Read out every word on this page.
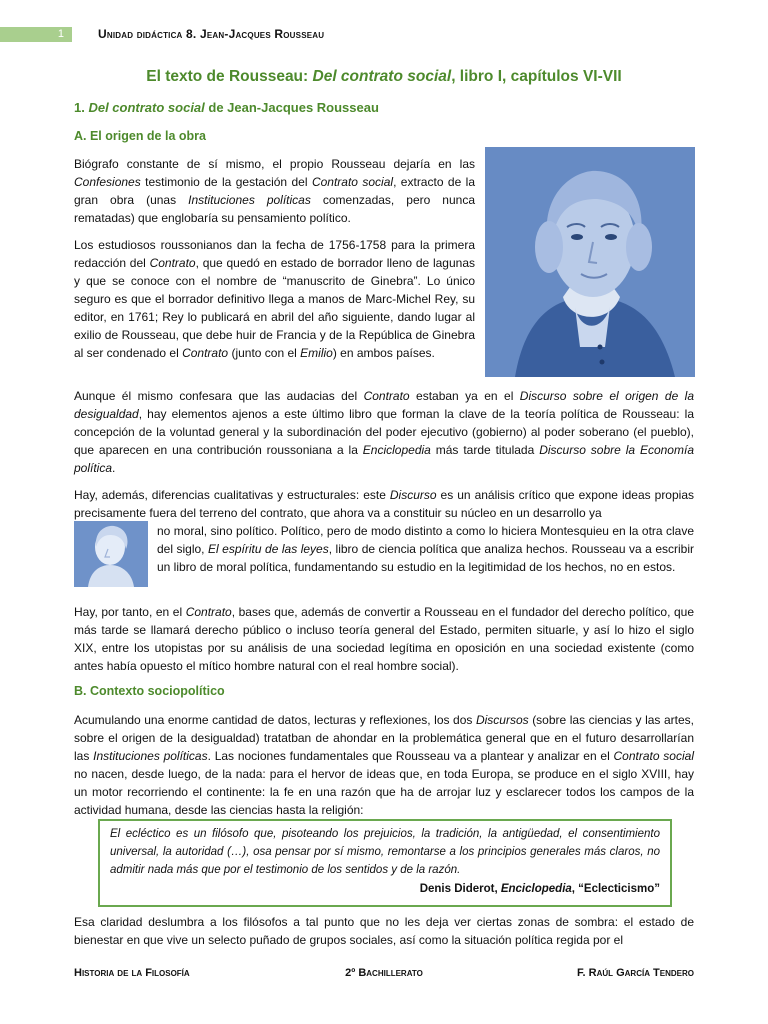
1	Unidad didáctica 8. Jean-Jacques Rousseau
El texto de Rousseau: Del contrato social, libro I, capítulos VI-VII
1. Del contrato social de Jean-Jacques Rousseau
A. El origen de la obra

Biógrafo constante de sí mismo, el propio Rousseau dejaría en las Confesiones testimonio de la gestación del Contrato social, extracto de la gran obra (unas Instituciones políticas comenzadas, pero nunca rematadas) que englobaría su pensamiento político.

Los estudiosos roussonianos dan la fecha de 1756-1758 para la primera redacción del Contrato, que quedó en estado de borrador lleno de lagunas y que se conoce con el nombre de “manuscrito de Ginebra”. Lo único seguro es que el borrador definitivo llega a manos de Marc-Michel Rey, su editor, en 1761; Rey lo publicará en abril del año siguiente, dando lugar al exilio de Rousseau, que debe huir de Francia y de la República de Ginebra al ser condenado el Contrato (junto con el Emilio) en ambos países.

Aunque él mismo confesara que las audacias del Contrato estaban ya en el Discurso sobre el origen de la desigualdad, hay elementos ajenos a este último libro que forman la clave de la teoría política de Rousseau: la concepción de la voluntad general y la subordinación del poder ejecutivo (gobierno) al poder soberano (el pueblo), que aparecen en una contribución roussoniana a la Enciclopedia más tarde titulada Discurso sobre la Economía política.

B. Contexto sociopolítico

Hay, además, diferencias cualitativas y estructurales: este Discurso es un análisis crítico que expone ideas propias precisamente fuera del terreno del contrato, que ahora va a constituir su núcleo en un desarrollo ya

no moral, sino político. Político, pero de modo distinto a como lo hiciera Montesquieu en la otra clave del siglo, El espíritu de las leyes, libro de ciencia política que analiza hechos. Rousseau va a escribir un libro de moral política, fundamentando su estudio en la legitimidad de los hechos, no en estos.

Hay, por tanto, en el Contrato, bases que, además de convertir a Rousseau en el fundador del derecho político, que más tarde se llamará derecho público o incluso teoría general del Estado, permiten situarle, y así lo hizo el siglo XIX, entre los utopistas por su análisis de una sociedad legítima en oposición en una sociedad existente (como antes había opuesto el mítico hombre natural con el real hombre social).

Acumulando una enorme cantidad de datos, lecturas y reflexiones, los dos Discursos (sobre las ciencias y las artes, sobre el origen de la desigualdad) tratatban de ahondar en la problemática general que en el futuro desarrollarían las Instituciones políticas. Las nociones fundamentales que Rousseau va a plantear y analizar en el Contrato social no nacen, desde luego, de la nada: para el hervor de ideas que, en toda Europa, se produce en el siglo XVIII, hay un motor recorriendo el continente: la fe en una razón que ha de arrojar luz y esclarecer todos los campos de la actividad humana, desde las ciencias hasta la religión:

El ecléctico es un filósofo que, pisoteando los prejuicios, la tradición, la antigüedad, el consentimiento universal, la autoridad (…), osa pensar por sí mismo, remontarse a los principios generales más claros, no admitir nada más que por el testimonio de los sentidos y de la razón.

Denis Diderot, Enciclopedia, “Eclecticismo”

Esa claridad deslumbra a los filósofos a tal punto que no les deja ver ciertas zonas de sombra: el estado de bienestar en que vive un selecto puñado de grupos sociales, así como la situación política regida por el

Historia de la Filosofía	2º Bachillerato	F. Raúl García Tendero
